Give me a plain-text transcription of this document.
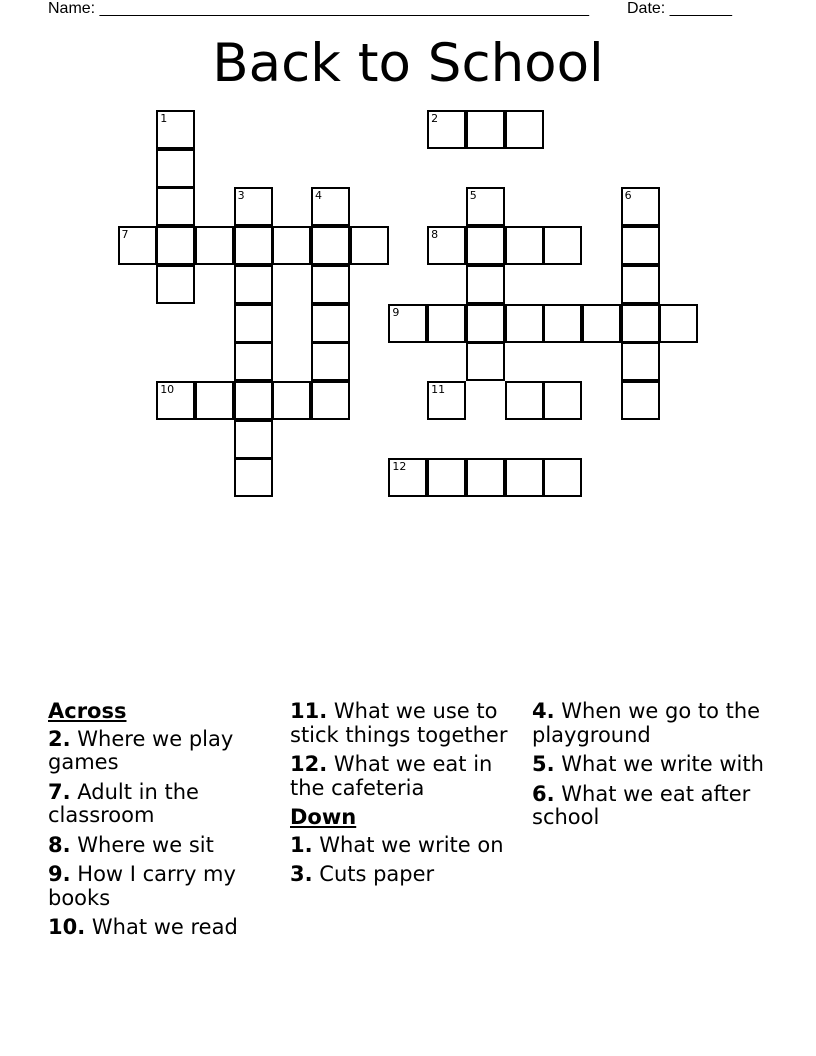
Name: _______________________________________________________ Date: _______
Back to School
1	2
3	4	5	6
7	8
9
10	11
12
Across
2. Where we play games
7. Adult in the classroom
8. Where we sit
9. How I carry my books
10. What we read
11. What we use to stick things together
12. What we eat in the cafeteria
Down
1. What we write on
3. Cuts paper
4. When we go to the playground
5. What we write with
6. What we eat after school
